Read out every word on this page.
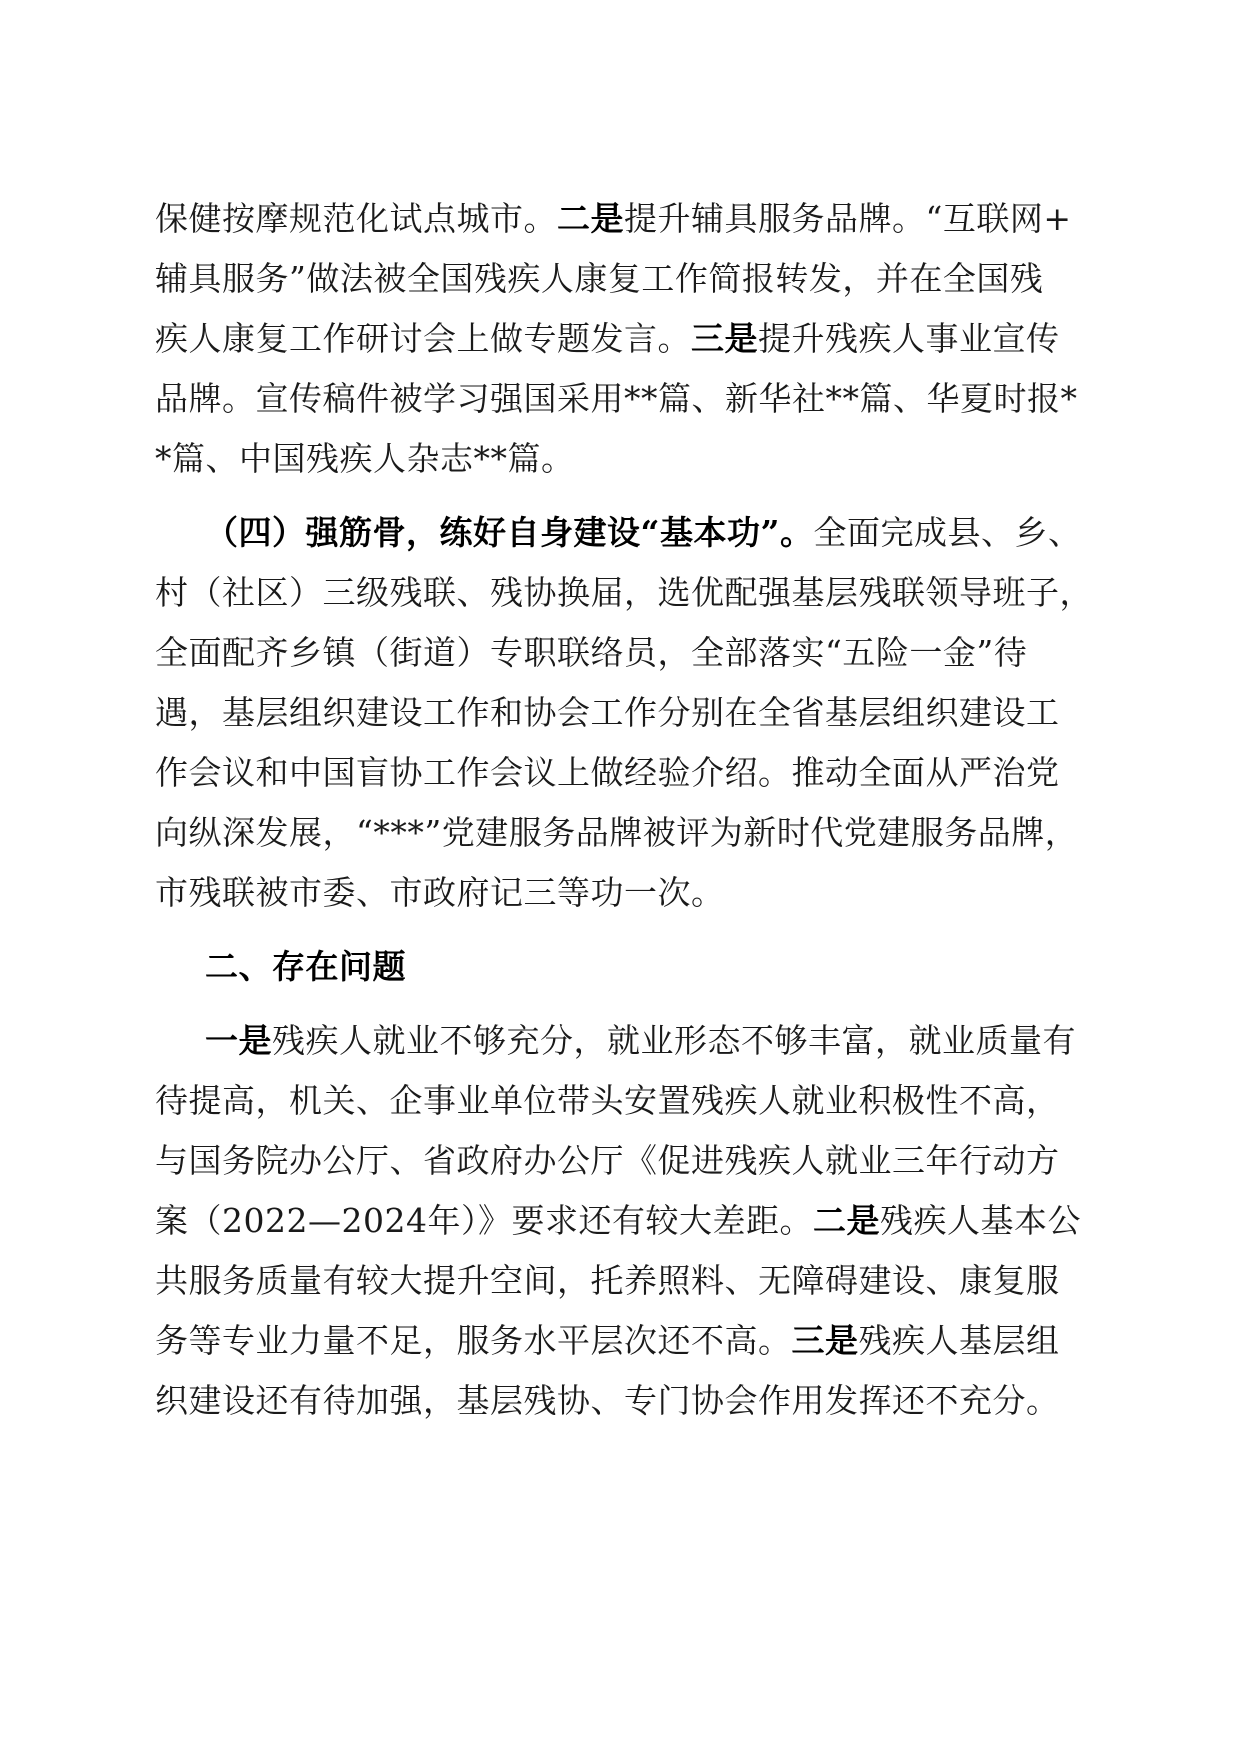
保健按摩规范化试点城市。二是提升辅具服务品牌。“互联网+
辅具服务”做法被全国残疾人康复工作简报转发，并在全国残
疾人康复工作研讨会上做专题发言。三是提升残疾人事业宣传
品牌。宣传稿件被学习强国采用**篇、新华社**篇、华夏时报*
*篇、中国残疾人杂志**篇。
（四）强筋骨，练好自身建设“基本功”。全面完成县、乡、
村（社区）三级残联、残协换届，选优配强基层残联领导班子，
全面配齐乡镇（街道）专职联络员，全部落实“五险一金”待
遇，基层组织建设工作和协会工作分别在全省基层组织建设工
作会议和中国盲协工作会议上做经验介绍。推动全面从严治党
向纵深发展，“***”党建服务品牌被评为新时代党建服务品牌，
市残联被市委、市政府记三等功一次。
二、存在问题
一是残疾人就业不够充分，就业形态不够丰富，就业质量有
待提高，机关、企事业单位带头安置残疾人就业积极性不高，
与国务院办公厅、省政府办公厅《促进残疾人就业三年行动方
案（2022—2024年）》要求还有较大差距。二是残疾人基本公
共服务质量有较大提升空间，托养照料、无障碍建设、康复服
务等专业力量不足，服务水平层次还不高。三是残疾人基层组
织建设还有待加强，基层残协、专门协会作用发挥还不充分。
